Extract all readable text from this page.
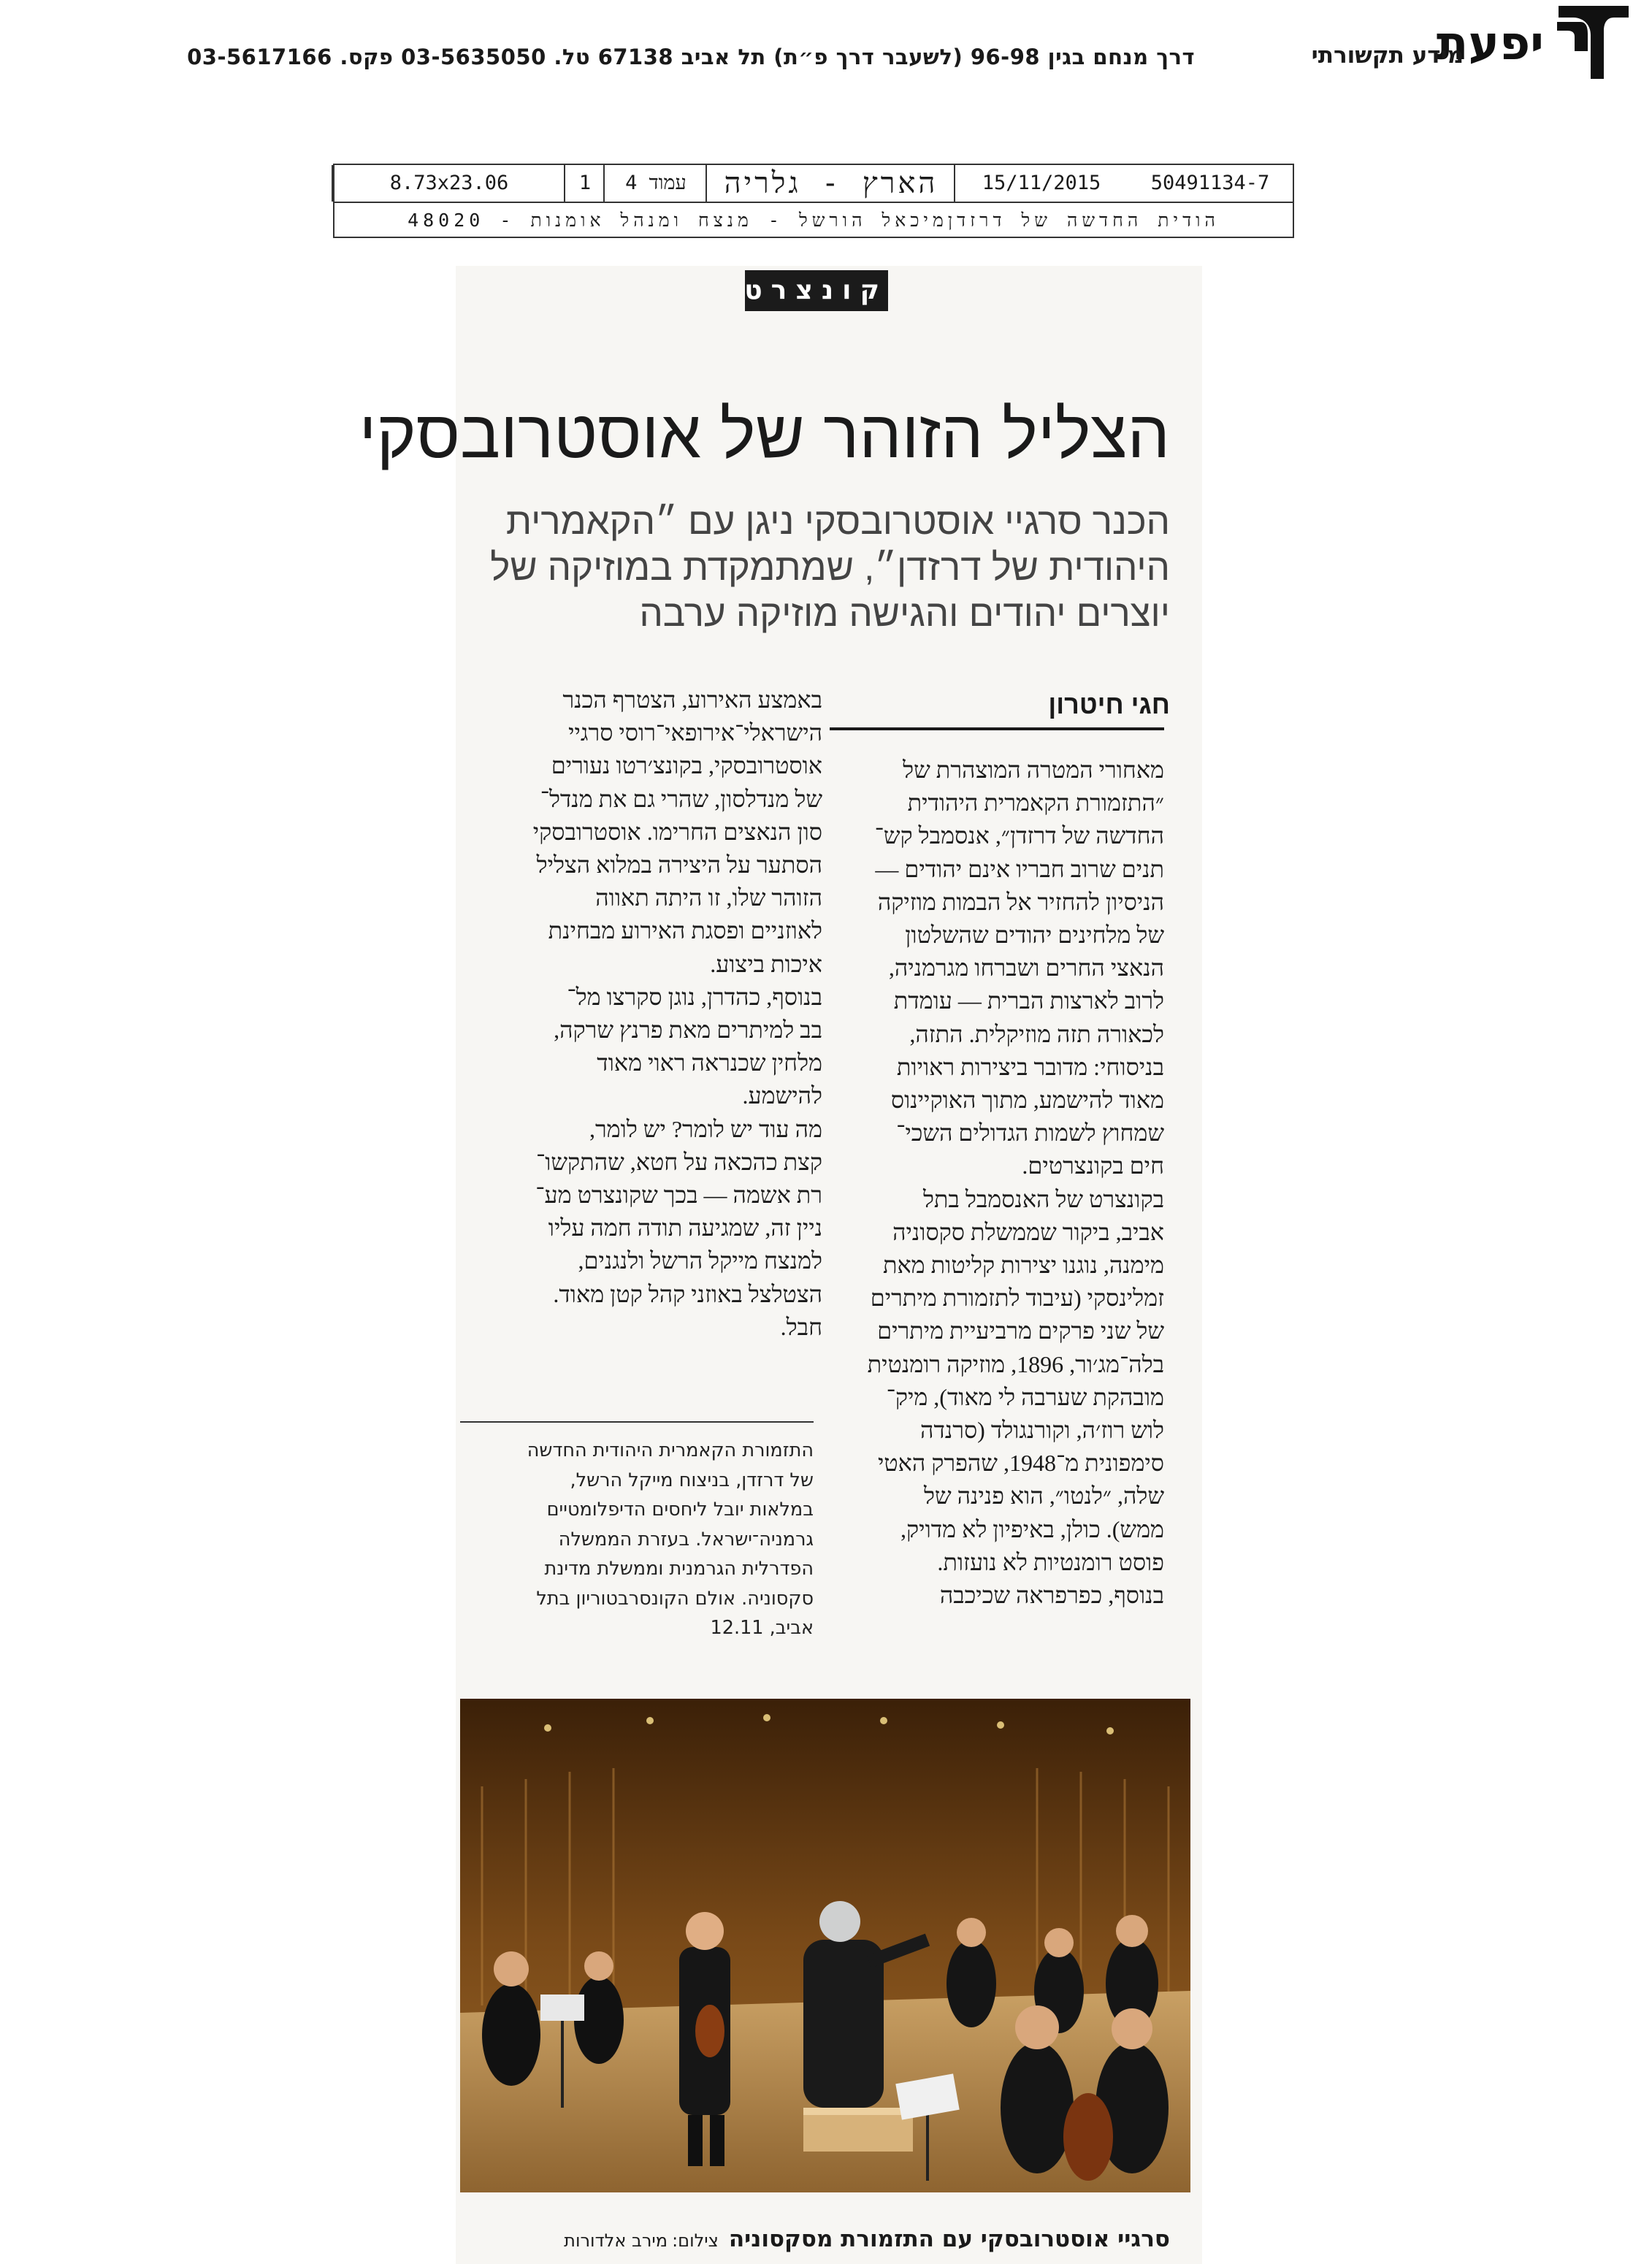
יפעת
מידע תקשורתי
דרך מנחם בגין 96-98 (לשעבר דרך פ״ת) תל אביב 67138 טל. 03-5635050 פקס. 03-5617166
50491134-7
15/11/2015
הארץ - גלריה
עמוד 4
1
8.73x23.06
הודית החדשה של דרזדןמיכאל הורשל - מנצח ומנהל אומנות - 48020
קונצרט
הצליל הזוהר של אוסטרובסקי
הכנר סרגיי אוסטרובסקי ניגן עם ״הקאמרית
היהודית של דרזדן״, שמתמקדת במוזיקה של
יוצרים יהודים והגישה מוזיקה ערבה
חגי חיטרון
מאחורי המטרה המוצהרת של
״התזמורת הקאמרית היהודית
החדשה של דרזדן״, אנסמבל קש־
תנים שרוב חבריו אינם יהודים —
הניסיון להחזיר אל הבמות מוזיקה
של מלחינים יהודים שהשלטון
הנאצי החרים ושברחו מגרמניה,
לרוב לארצות הברית — עומדת
לכאורה תזה מוזיקלית. התזה,
בניסוחי: מדובר ביצירות ראויות
מאוד להישמע, מתוך האוקיינוס
שמחוץ לשמות הגדולים השכי־
חים בקונצרטים.
בקונצרט של האנסמבל בתל
אביב, ביקור שממשלת סקסוניה
מימנה, נוגנו יצירות קליטות מאת
זמלינסקי (עיבוד לתזמורת מיתרים
של שני פרקים מרביעיית מיתרים
בלה־מג׳ור, 1896, מוזיקה רומנטית
מובהקת שערבה לי מאוד), מיק־
לוש רוז׳ה, וקורנגולד (סרנדה
סימפונית מ־1948, שהפרק האטי
שלה, ״לנטו״, הוא פנינה של
ממש). כולן, באיפיון לא מדויק,
פוסט רומנטיות לא נועזות.
בנוסף, כפרפראה שכיכבה
באמצע האירוע, הצטרף הכנר
הישראלי־אירופאי־רוסי סרגיי
אוסטרובסקי, בקונצ׳רטו נעורים
של מנדלסון, שהרי גם את מנדל־
סון הנאצים החרימו. אוסטרובסקי
הסתער על היצירה במלוא הצליל
הזוהר שלו, זו היתה תאווה
לאוזניים ופסגת האירוע מבחינת
איכות ביצוע.
בנוסף, כהדרן, נוגן סקרצו מל־
בב למיתרים מאת פרנץ שרקה,
מלחין שכנראה ראוי מאוד
להישמע.
מה עוד יש לומר? יש לומר,
קצת כהכאה על חטא, שהתקשו־
רת אשמה — בכך שקונצרט מע־
ניין זה, שמגיעה תודה חמה עליו
למנצח מייקל הרשל ולנגנים,
הצטלצל באוזני קהל קטן מאוד.
חבל.
התזמורת הקאמרית היהודית החדשה
של דרזדן, בניצוח מייקל הרשל,
במלאות יובל ליחסים הדיפלומטיים
גרמניה־ישראל. בעזרת הממשלה
הפדרלית הגרמנית וממשלת מדינת
סקסוניה. אולם הקונסרבטוריון בתל
אביב, 12.11
סרגיי אוסטרובסקי עם התזמורת מסקסוניהצילום:מירב אלדורות
